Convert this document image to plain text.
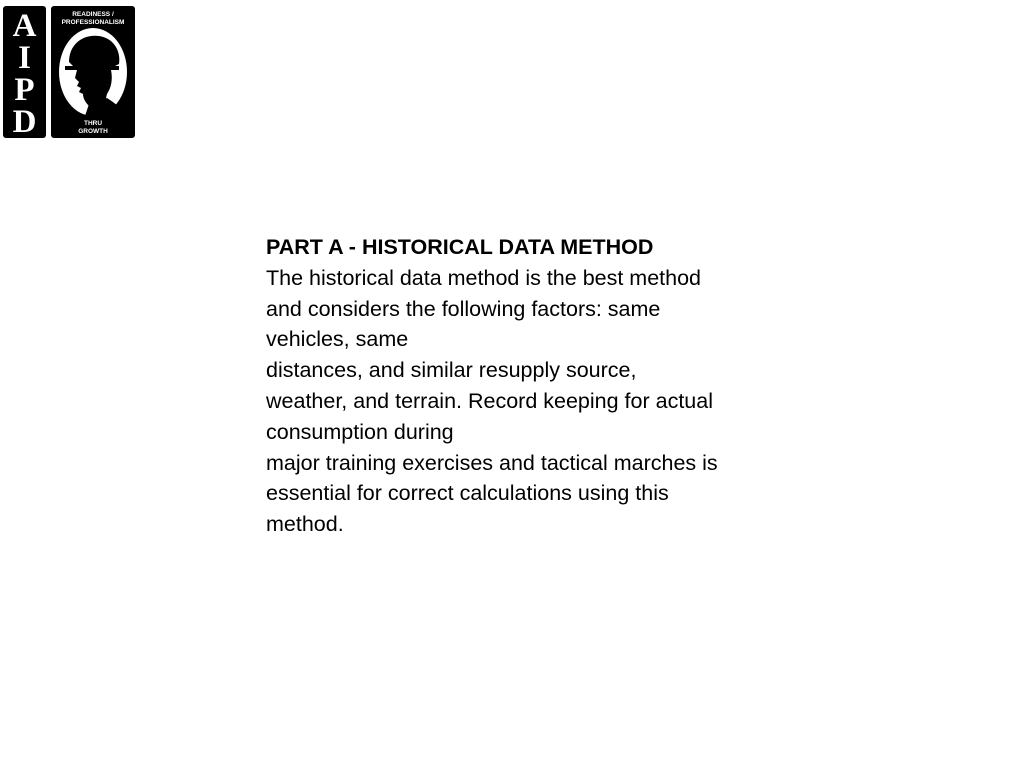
A
I
P
D
READINESS /
PROFESSIONALISM
THRU
GROWTH
PART A - HISTORICAL DATA METHOD
The historical data method is the best method
and considers the following factors: same
vehicles, same
distances, and similar resupply source,
weather, and terrain. Record keeping for actual
consumption during
major training exercises and tactical marches is
essential for correct calculations using this
method.
